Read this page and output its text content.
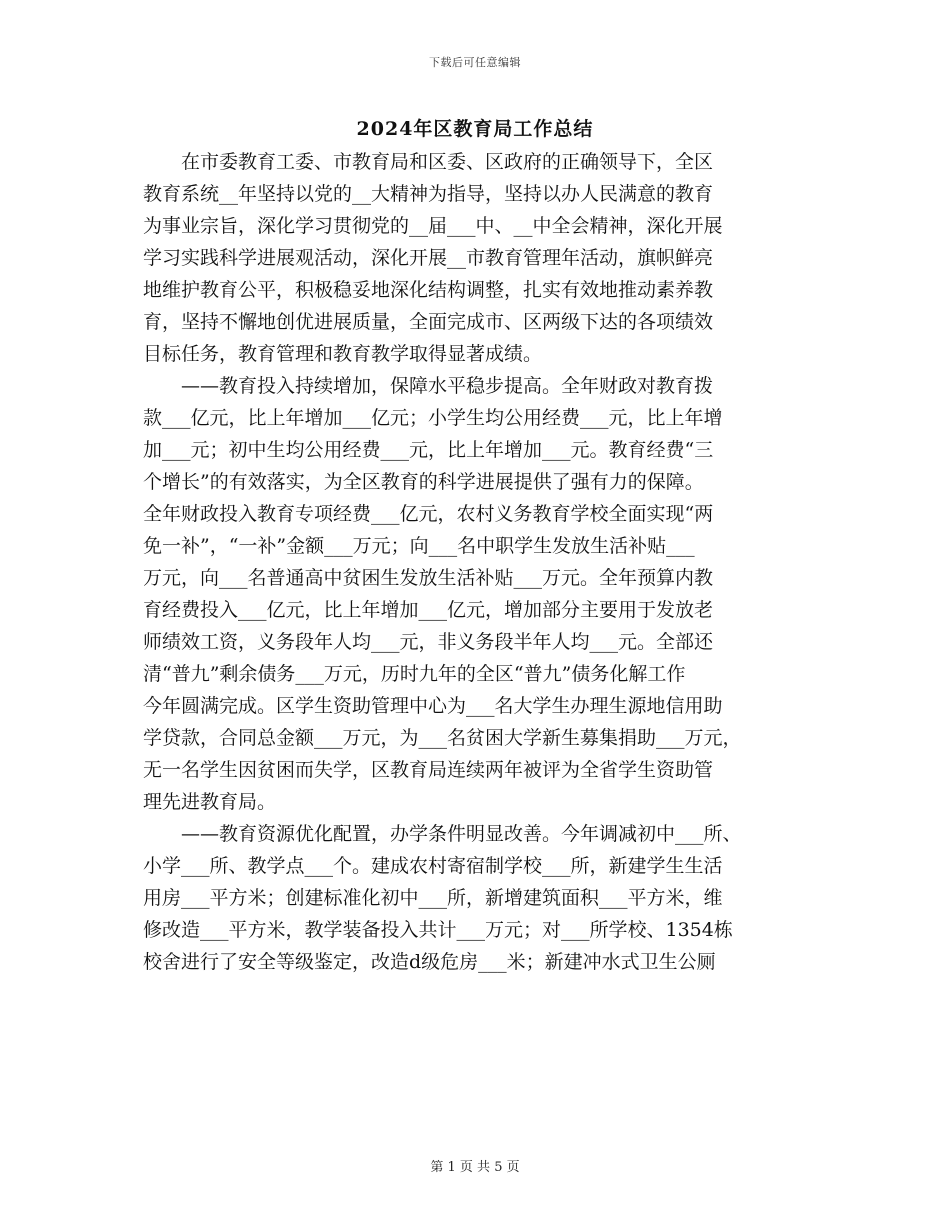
下载后可任意编辑
2024年区教育局工作总结
　　在市委教育工委、市教育局和区委、区政府的正确领导下，全区
教育系统__年坚持以党的__大精神为指导，坚持以办人民满意的教育
为事业宗旨，深化学习贯彻党的__届___中、__中全会精神，深化开展
学习实践科学进展观活动，深化开展__市教育管理年活动，旗帜鲜亮
地维护教育公平，积极稳妥地深化结构调整，扎实有效地推动素养教
育，坚持不懈地创优进展质量，全面完成市、区两级下达的各项绩效
目标任务，教育管理和教育教学取得显著成绩。
　　——教育投入持续增加，保障水平稳步提高。全年财政对教育拨
款___亿元，比上年增加___亿元；小学生均公用经费___元，比上年增
加___元；初中生均公用经费___元，比上年增加___元。教育经费“三
个增长”的有效落实，为全区教育的科学进展提供了强有力的保障。
全年财政投入教育专项经费___亿元，农村义务教育学校全面实现“两
免一补”，“一补”金额___万元；向___名中职学生发放生活补贴___
万元，向___名普通高中贫困生发放生活补贴___万元。全年预算内教
育经费投入___亿元，比上年增加___亿元，增加部分主要用于发放老
师绩效工资，义务段年人均___元，非义务段半年人均___元。全部还
清“普九”剩余债务___万元，历时九年的全区“普九”债务化解工作
今年圆满完成。区学生资助管理中心为___名大学生办理生源地信用助
学贷款，合同总金额___万元，为___名贫困大学新生募集捐助___万元，
无一名学生因贫困而失学，区教育局连续两年被评为全省学生资助管
理先进教育局。
　　——教育资源优化配置，办学条件明显改善。今年调减初中___所、
小学___所、教学点___个。建成农村寄宿制学校___所，新建学生生活
用房___平方米；创建标准化初中___所，新增建筑面积___平方米，维
修改造___平方米，教学装备投入共计___万元；对___所学校、1354栋
校舍进行了安全等级鉴定，改造d级危房___米；新建冲水式卫生公厕
第 1 页 共 5 页
